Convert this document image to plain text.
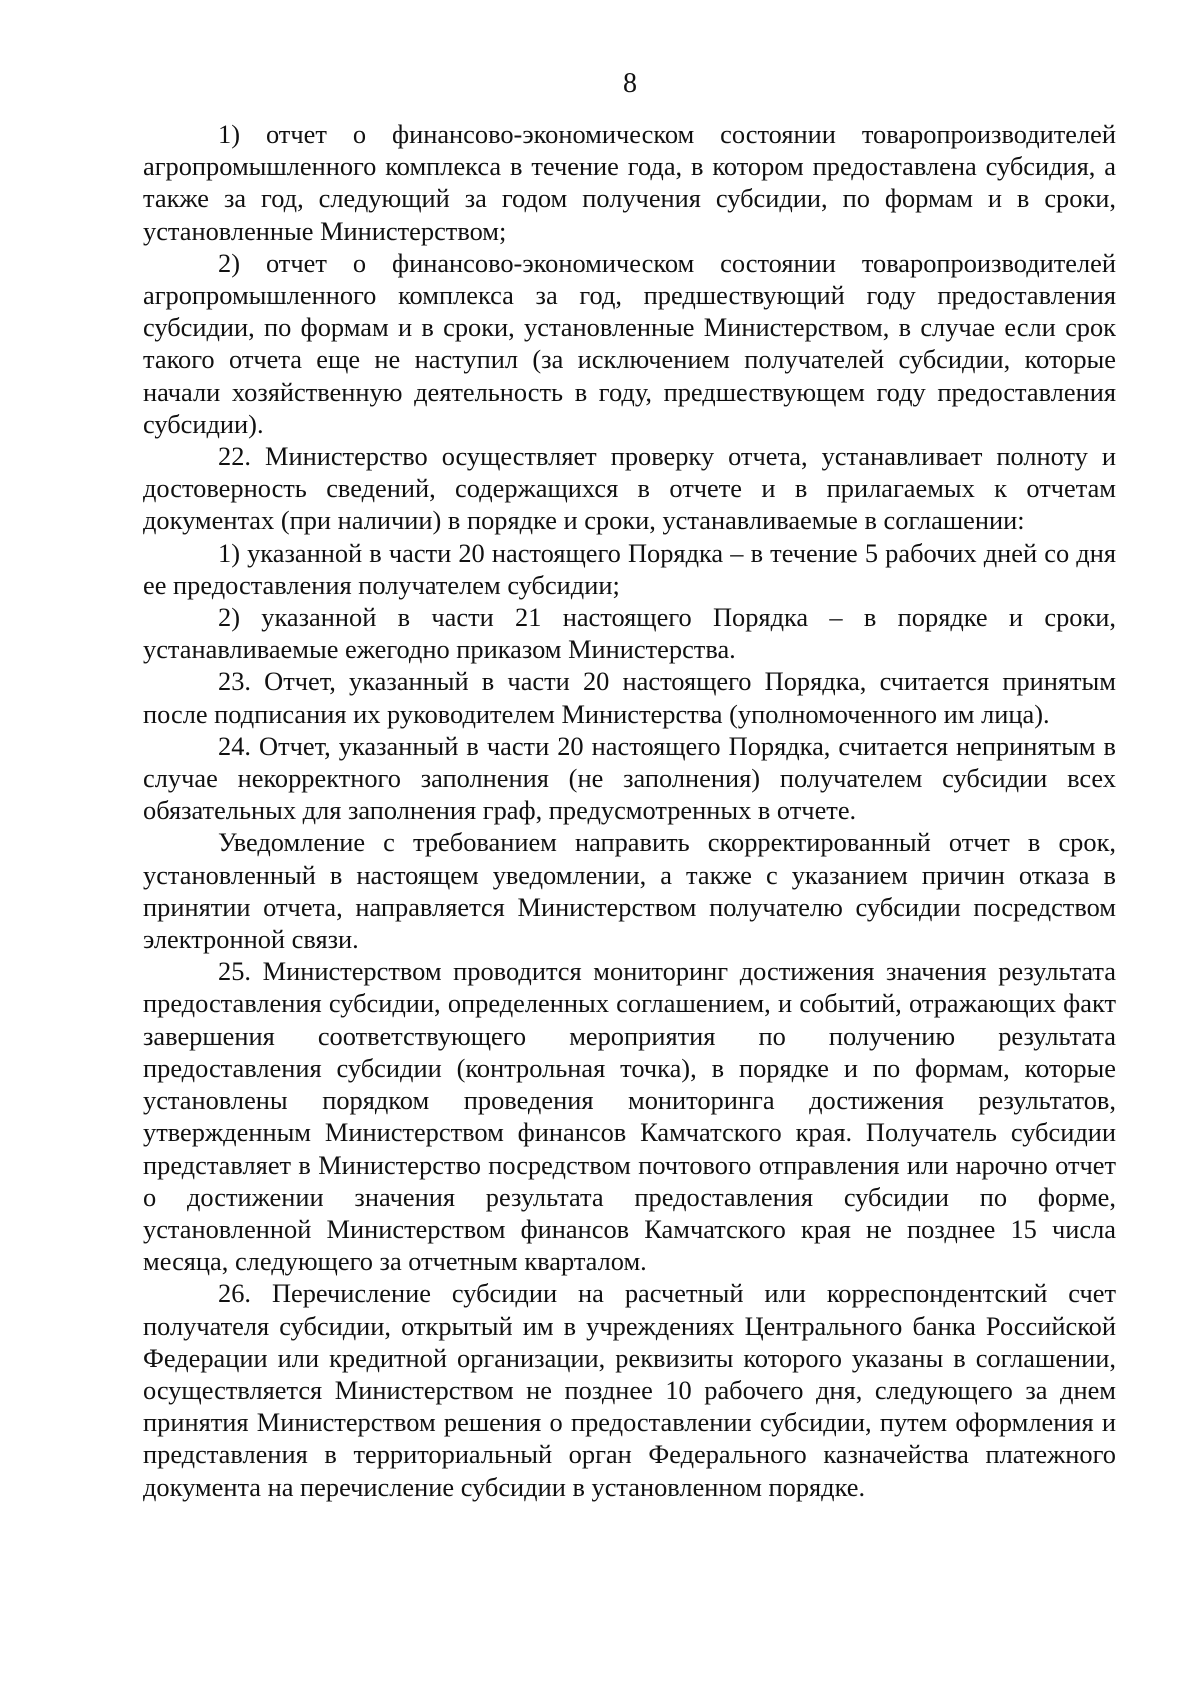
8

1) отчет о финансово-экономическом состоянии товаропроизводителей агропромышленного комплекса в течение года, в котором предоставлена субсидия, а также за год, следующий за годом получения субсидии, по формам и в сроки, установленные Министерством;

2) отчет о финансово-экономическом состоянии товаропроизводителей агропромышленного комплекса за год, предшествующий году предоставления субсидии, по формам и в сроки, установленные Министерством, в случае если срок такого отчета еще не наступил (за исключением получателей субсидии, которые начали хозяйственную деятельность в году, предшествующем году предоставления субсидии).

22. Министерство осуществляет проверку отчета, устанавливает полноту и достоверность сведений, содержащихся в отчете и в прилагаемых к отчетам документах (при наличии) в порядке и сроки, устанавливаемые в соглашении:

1) указанной в части 20 настоящего Порядка – в течение 5 рабочих дней со дня ее предоставления получателем субсидии;

2) указанной в части 21 настоящего Порядка – в порядке и сроки, устанавливаемые ежегодно приказом Министерства.

23. Отчет, указанный в части 20 настоящего Порядка, считается принятым после подписания их руководителем Министерства (уполномоченного им лица).

24. Отчет, указанный в части 20 настоящего Порядка, считается непринятым в случае некорректного заполнения (не заполнения) получателем субсидии всех обязательных для заполнения граф, предусмотренных в отчете.

Уведомление с требованием направить скорректированный отчет в срок, установленный в настоящем уведомлении, а также с указанием причин отказа в принятии отчета, направляется Министерством получателю субсидии посредством электронной связи.

25. Министерством проводится мониторинг достижения значения результата предоставления субсидии, определенных соглашением, и событий, отражающих факт завершения соответствующего мероприятия по получению результата предоставления субсидии (контрольная точка), в порядке и по формам, которые установлены порядком проведения мониторинга достижения результатов, утвержденным Министерством финансов Камчатского края. Получатель субсидии представляет в Министерство посредством почтового отправления или нарочно отчет о достижении значения результата предоставления субсидии по форме, установленной Министерством финансов Камчатского края не позднее 15 числа месяца, следующего за отчетным кварталом.

26. Перечисление субсидии на расчетный или корреспондентский счет получателя субсидии, открытый им в учреждениях Центрального банка Российской Федерации или кредитной организации, реквизиты которого указаны в соглашении, осуществляется Министерством не позднее 10 рабочего дня, следующего за днем принятия Министерством решения о предоставлении субсидии, путем оформления и представления в территориальный орган Федерального казначейства платежного документа на перечисление субсидии в установленном порядке.
